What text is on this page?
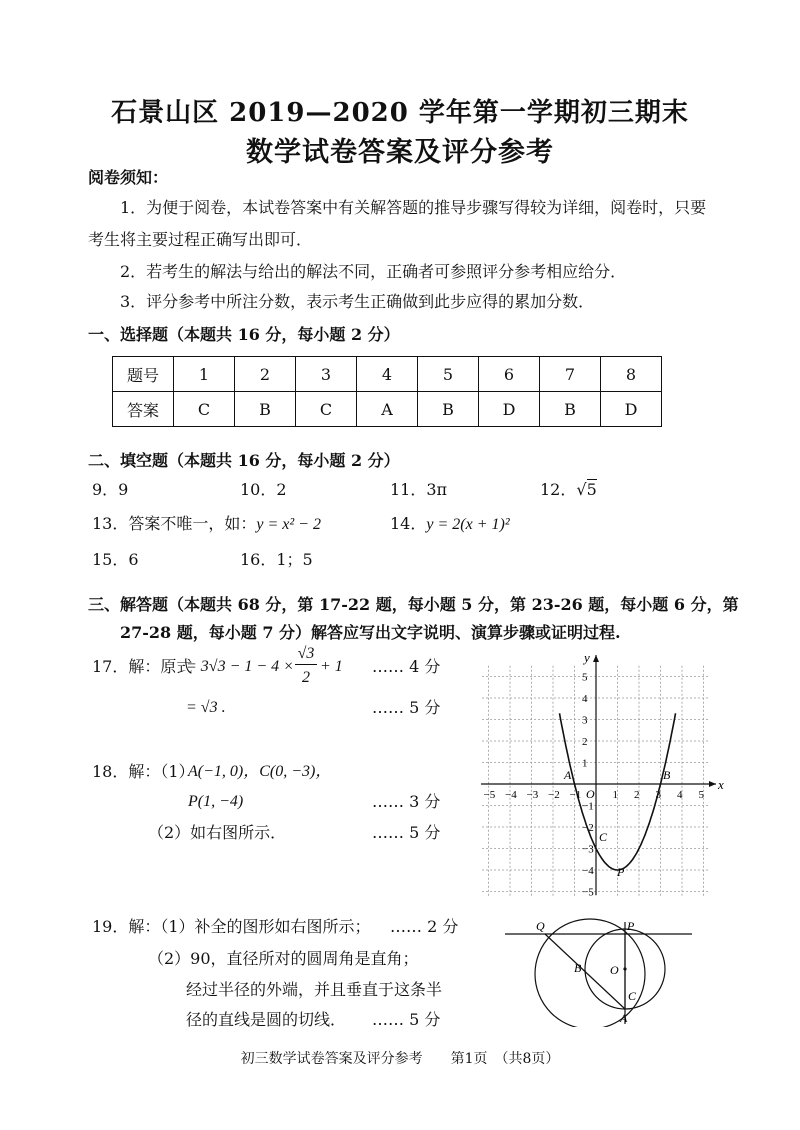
石景山区 2019—2020 学年第一学期初三期末
数学试卷答案及评分参考
阅卷须知：
1．为便于阅卷，本试卷答案中有关解答题的推导步骤写得较为详细，阅卷时，只要
考生将主要过程正确写出即可．
2．若考生的解法与给出的解法不同，正确者可参照评分参考相应给分．
3．评分参考中所注分数，表示考生正确做到此步应得的累加分数．
一、选择题（本题共 16 分，每小题 2 分）
题号	1	2	3	4	5	6	7	8
答案	C	B	C	A	B	D	B	D
二、填空题（本题共 16 分，每小题 2 分）
9．9	10．2	11．3π	12．√5
13．答案不唯一，如：y = x² − 2	14．y = 2(x + 1)²
15．6	16．1；5
三、解答题（本题共 68 分，第 17-22 题，每小题 5 分，第 23-26 题，每小题 6 分，第
27-28 题，每小题 7 分）解答应写出文字说明、演算步骤或证明过程.
17．解：原式
= 3√3 − 1 − 4 ×
√3
2
+ 1 …… 4 分
= √3 .	…… 5 分
18．解：（1）
A(−1, 0)，C(0, −3)，
P(1, −4)	…… 3 分
（2）如右图所示．	…… 5 分
19．解：（1）补全的图形如右图所示； …… 2 分
（2）90，直径所对的圆周角是直角；
经过半径的外端，并且垂直于这条半
径的直线是圆的切线． …… 5 分
−5 −4 −3 −2 −1	1 2 3 4 5
5
4
3
2
1
−1
−2
−3
−4
−5
x
y
O
A	B
C
P
Q	P
B O
C
A
初三数学试卷答案及评分参考　　第1页　（共8页）
